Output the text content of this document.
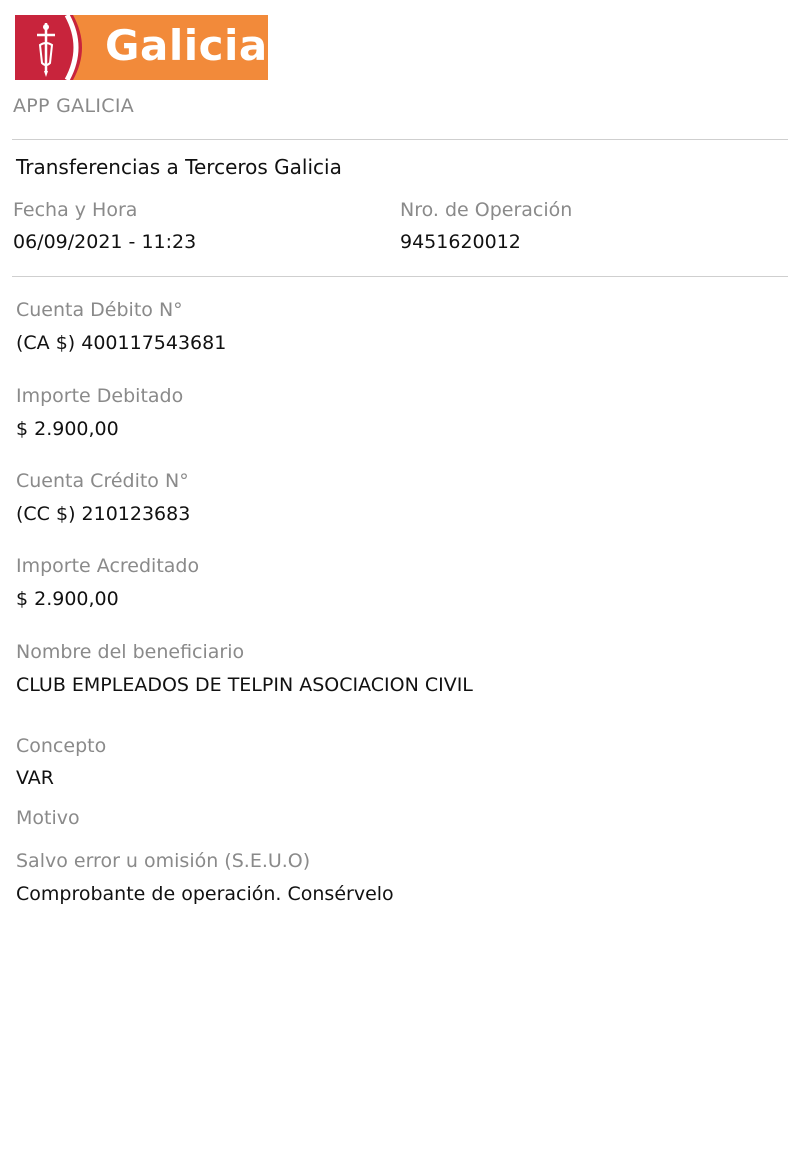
Galicia
APP GALICIA
Transferencias a Terceros Galicia
Fecha y Hora
06/09/2021 - 11:23
Nro. de Operación
9451620012
Cuenta Débito N°
(CA $) 400117543681
Importe Debitado
$ 2.900,00
Cuenta Crédito N°
(CC $) 210123683
Importe Acreditado
$ 2.900,00
Nombre del beneficiario
CLUB EMPLEADOS DE TELPIN ASOCIACION CIVIL
Concepto
VAR
Motivo
Salvo error u omisión (S.E.U.O)
Comprobante de operación. Consérvelo
